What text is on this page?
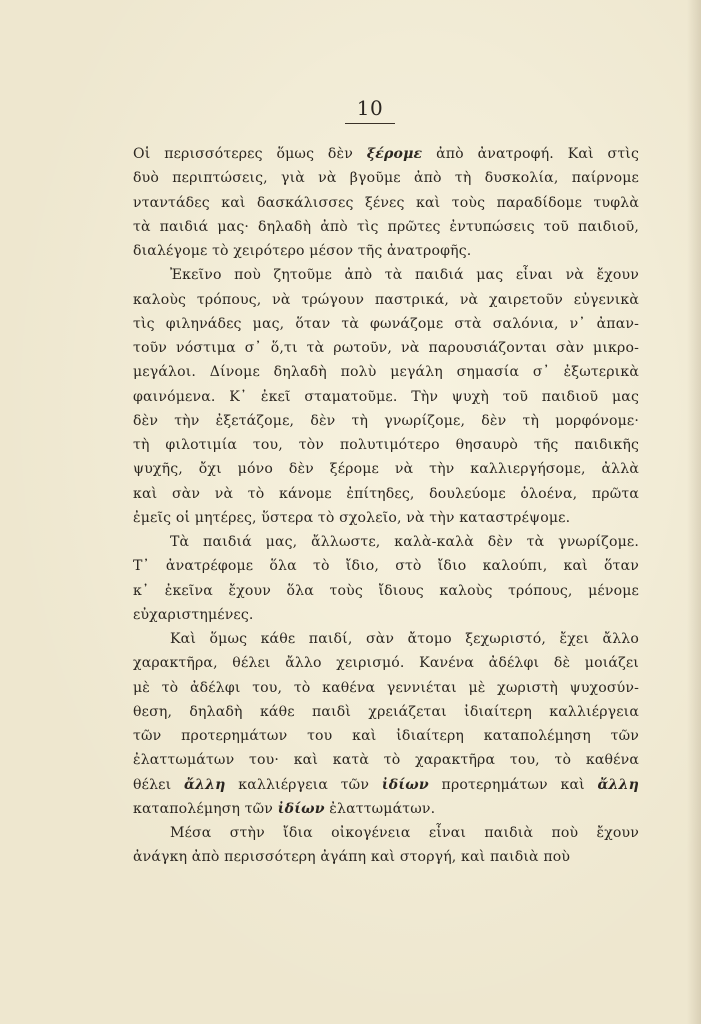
10
Οἱ περισσότερες ὅμως δὲν ξέρομε ἀπὸ ἀνατροφή. Καὶ στὶς
δυὸ περιπτώσεις, γιὰ νὰ βγοῦμε ἀπὸ τὴ δυσκολία, παίρνομε
νταντάδες καὶ δασκάλισσες ξένες καὶ τοὺς παραδίδομε τυφλὰ
τὰ παιδιά μας· δηλαδὴ ἀπὸ τὶς πρῶτες ἐντυπώσεις τοῦ παιδιοῦ,
διαλέγομε τὸ χειρότερο μέσον τῆς ἀνατροφῆς.
Ἐκεῖνο ποὺ ζητοῦμε ἀπὸ τὰ παιδιά μας εἶναι νὰ ἔχουν
καλοὺς τρόπους, νὰ τρώγουν παστρικά, νὰ χαιρετοῦν εὐγενικὰ
τὶς φιληνάδες μας, ὅταν τὰ φωνάζομε στὰ σαλόνια, ν᾽ ἀπαν-
τοῦν νόστιμα σ᾽ ὅ,τι τὰ ρωτοῦν, νὰ παρουσιάζονται σὰν μικρο-
μεγάλοι. Δίνομε δηλαδὴ πολὺ μεγάλη σημασία σ᾽ ἐξωτερικὰ
φαινόμενα. Κ᾽ ἐκεῖ σταματοῦμε. Τὴν ψυχὴ τοῦ παιδιοῦ μας
δὲν τὴν ἐξετάζομε, δὲν τὴ γνωρίζομε, δὲν τὴ μορφόνομε·
τὴ φιλοτιμία του, τὸν πολυτιμότερο θησαυρὸ τῆς παιδικῆς
ψυχῆς, ὄχι μόνο δὲν ξέρομε νὰ τὴν καλλιεργήσομε, ἀλλὰ
καὶ σὰν νὰ τὸ κάνομε ἐπίτηδες, δουλεύομε ὁλοένα, πρῶτα
ἐμεῖς οἱ μητέρες, ὕστερα τὸ σχολεῖο, νὰ τὴν καταστρέψομε.
Τὰ παιδιά μας, ἄλλωστε, καλὰ-καλὰ δὲν τὰ γνωρίζομε.
Τ᾽ ἀνατρέφομε ὅλα τὸ ἴδιο, στὸ ἴδιο καλούπι, καὶ ὅταν
κ᾽ ἐκεῖνα ἔχουν ὅλα τοὺς ἴδιους καλοὺς τρόπους, μένομε
εὐχαριστημένες.
Καὶ ὅμως κάθε παιδί, σὰν ἄτομο ξεχωριστό, ἔχει ἄλλο
χαρακτῆρα, θέλει ἄλλο χειρισμό. Κανένα ἀδέλφι δὲ μοιάζει
μὲ τὸ ἀδέλφι του, τὸ καθένα γεννιέται μὲ χωριστὴ ψυχοσύν-
θεση, δηλαδὴ κάθε παιδὶ χρειάζεται ἰδιαίτερη καλλιέργεια
τῶν προτερημάτων του καὶ ἰδιαίτερη καταπολέμηση τῶν
ἐλαττωμάτων του· καὶ κατὰ τὸ χαρακτῆρα του, τὸ καθένα
θέλει ἄλλη καλλιέργεια τῶν ἰδίων προτερημάτων καὶ ἄλλη
καταπολέμηση τῶν ἰδίων ἐλαττωμάτων.
Μέσα στὴν ἴδια οἰκογένεια εἶναι παιδιὰ ποὺ ἔχουν
ἀνάγκη ἀπὸ περισσότερη ἀγάπη καὶ στοργή, καὶ παιδιὰ ποὺ
